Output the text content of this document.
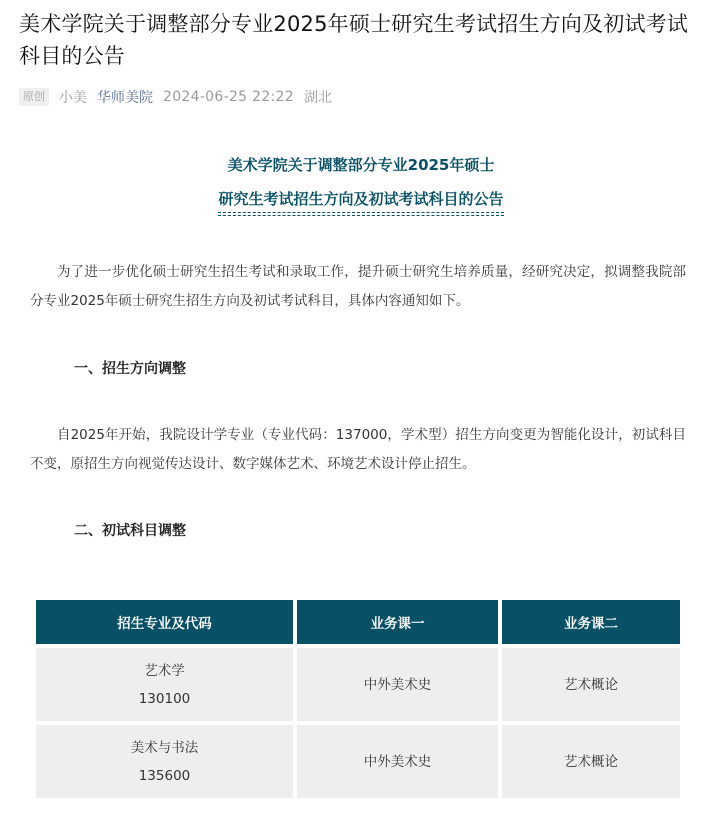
美术学院关于调整部分专业2025年硕士研究生考试招生方向及初试考试科目的公告
原创 小美 华师美院 2024-06-25 22:22 湖北
美术学院关于调整部分专业2025年硕士
研究生考试招生方向及初试考试科目的公告
为了进一步优化硕士研究生招生考试和录取工作，提升硕士研究生培养质量，经研究决定，拟调整我院部分专业2025年硕士研究生招生方向及初试考试科目，具体内容通知如下。
一、招生方向调整
自2025年开始，我院设计学专业（专业代码：137000，学术型）招生方向变更为智能化设计，初试科目不变，原招生方向视觉传达设计、数字媒体艺术、环境艺术设计停止招生。
二、初试科目调整
招生专业及代码	业务课一	业务课二

艺术学
130100	中外美术史	艺术概论

美术与书法
135600	中外美术史	艺术概论
